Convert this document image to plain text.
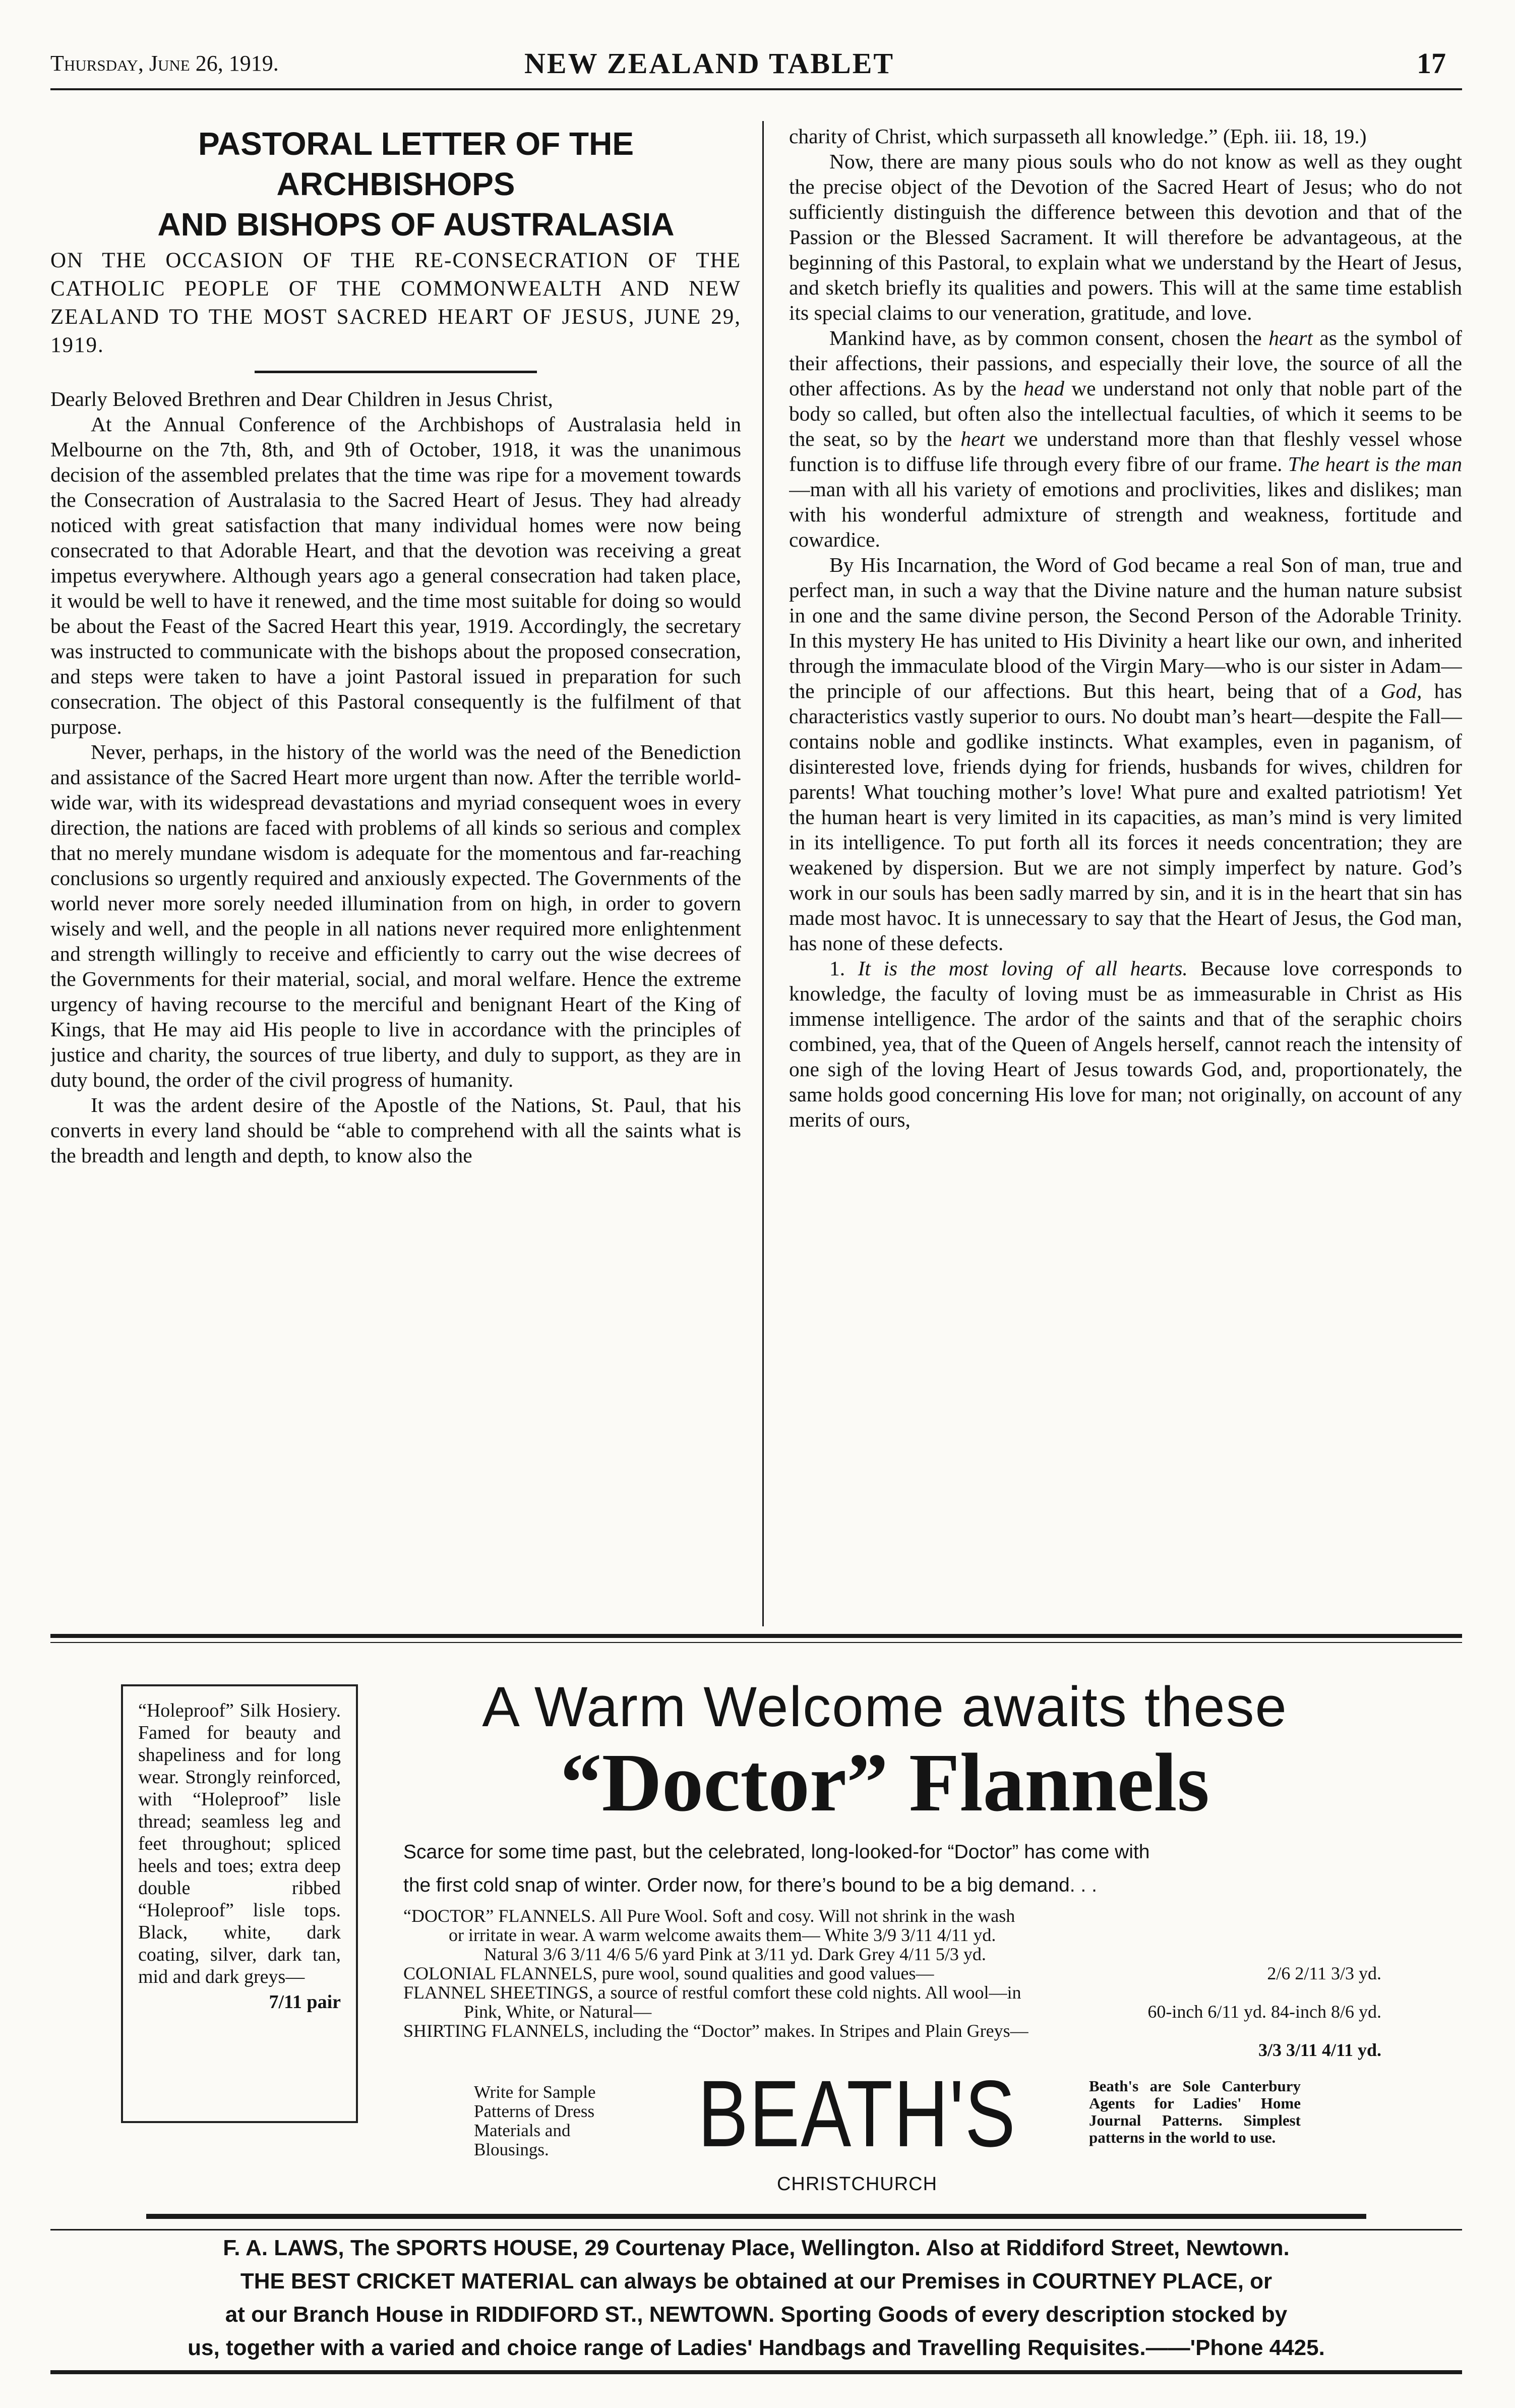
Thursday, June 26, 1919.	NEW ZEALAND TABLET	17

PASTORAL LETTER OF THE ARCHBISHOPS

AND BISHOPS OF AUSTRALASIA

ON THE OCCASION OF THE RE-CONSECRATION OF THE CATHOLIC PEOPLE OF THE COMMONWEALTH AND NEW ZEALAND TO THE MOST SACRED HEART OF JESUS, JUNE 29, 1919.

Dearly Beloved Brethren and Dear Children in Jesus Christ,

At the Annual Conference of the Archbishops of Australasia held in Melbourne on the 7th, 8th, and 9th of October, 1918, it was the unanimous decision of the assembled prelates that the time was ripe for a movement towards the Consecration of Australasia to the Sacred Heart of Jesus. They had already noticed with great satisfaction that many individual homes were now being consecrated to that Adorable Heart, and that the devotion was receiving a great impetus everywhere. Although years ago a general consecration had taken place, it would be well to have it renewed, and the time most suitable for doing so would be about the Feast of the Sacred Heart this year, 1919. Accordingly, the secretary was instructed to communicate with the bishops about the proposed consecration, and steps were taken to have a joint Pastoral issued in preparation for such consecration. The object of this Pastoral consequently is the fulfilment of that purpose.

Never, perhaps, in the history of the world was the need of the Benediction and assistance of the Sacred Heart more urgent than now. After the terrible world-wide war, with its widespread devastations and myriad consequent woes in every direction, the nations are faced with problems of all kinds so serious and complex that no merely mundane wisdom is adequate for the momentous and far-reaching conclusions so urgently required and anxiously expected. The Governments of the world never more sorely needed illumination from on high, in order to govern wisely and well, and the people in all nations never required more enlightenment and strength willingly to receive and efficiently to carry out the wise decrees of the Governments for their material, social, and moral welfare. Hence the extreme urgency of having recourse to the merciful and benignant Heart of the King of Kings, that He may aid His people to live in accordance with the principles of justice and charity, the sources of true liberty, and duly to support, as they are in duty bound, the order of the civil progress of humanity.

It was the ardent desire of the Apostle of the Nations, St. Paul, that his converts in every land should be “able to comprehend with all the saints what is the breadth and length and depth, to know also the

charity of Christ, which surpasseth all knowledge.” (Eph. iii. 18, 19.)

Now, there are many pious souls who do not know as well as they ought the precise object of the Devotion of the Sacred Heart of Jesus; who do not sufficiently distinguish the difference between this devotion and that of the Passion or the Blessed Sacrament. It will therefore be advantageous, at the beginning of this Pastoral, to explain what we understand by the Heart of Jesus, and sketch briefly its qualities and powers. This will at the same time establish its special claims to our veneration, gratitude, and love.

Mankind have, as by common consent, chosen the heart as the symbol of their affections, their passions, and especially their love, the source of all the other affections. As by the head we understand not only that noble part of the body so called, but often also the intellectual faculties, of which it seems to be the seat, so by the heart we understand more than that fleshly vessel whose function is to diffuse life through every fibre of our frame. The heart is the man—man with all his variety of emotions and proclivities, likes and dislikes; man with his wonderful admixture of strength and weakness, fortitude and cowardice.

By His Incarnation, the Word of God became a real Son of man, true and perfect man, in such a way that the Divine nature and the human nature subsist in one and the same divine person, the Second Person of the Adorable Trinity. In this mystery He has united to His Divinity a heart like our own, and inherited through the immaculate blood of the Virgin Mary—who is our sister in Adam—the principle of our affections. But this heart, being that of a God, has characteristics vastly superior to ours. No doubt man’s heart—despite the Fall—contains noble and godlike instincts. What examples, even in paganism, of disinterested love, friends dying for friends, husbands for wives, children for parents! What touching mother’s love! What pure and exalted patriotism! Yet the human heart is very limited in its capacities, as man’s mind is very limited in its intelligence. To put forth all its forces it needs concentration; they are weakened by dispersion. But we are not simply imperfect by nature. God’s work in our souls has been sadly marred by sin, and it is in the heart that sin has made most havoc. It is unnecessary to say that the Heart of Jesus, the God man, has none of these defects.

1. It is the most loving of all hearts. Because love corresponds to knowledge, the faculty of loving must be as immeasurable in Christ as His immense intelligence. The ardor of the saints and that of the seraphic choirs combined, yea, that of the Queen of Angels herself, cannot reach the intensity of one sigh of the loving Heart of Jesus towards God, and, proportionately, the same holds good concerning His love for man; not originally, on account of any merits of ours,

“Holeproof” Silk Hosiery. Famed for beauty and shapeliness and for long wear. Strongly reinforced, with “Holeproof” lisle thread; seamless leg and feet throughout; spliced heels and toes; extra deep double ribbed “Holeproof” lisle tops. Black, white, dark coating, silver, dark tan, mid and dark greys—
7/11 pair
A Warm Welcome awaits these
“Doctor” Flannels
Scarce for some time past, but the celebrated, long-looked-for “Doctor” has come with
the first cold snap of winter. Order now, for there’s bound to be a big demand. . .
“DOCTOR” FLANNELS. All Pure Wool. Soft and cosy. Will not shrink in the wash
or irritate in wear. A warm welcome awaits them— White 3/9 3/11 4/11 yd.
Natural 3/6 3/11 4/6 5/6 yard Pink at 3/11 yd. Dark Grey 4/11 5/3 yd.
COLONIAL FLANNELS, pure wool, sound qualities and good values—	2/6 2/11 3/3 yd.
FLANNEL SHEETINGS, a source of restful comfort these cold nights. All wool—in
Pink, White, or Natural—	60-inch 6/11 yd. 84-inch 8/6 yd.
SHIRTING FLANNELS, including the “Doctor” makes. In Stripes and Plain Greys—
3/3 3/11 4/11 yd.
Write for Sample Patterns of Dress Materials and Blousings.	BEATH'S
CHRISTCHURCH
Beath's are Sole Canterbury Agents for Ladies' Home Journal Patterns. Simplest patterns in the world to use.
F. A. LAWS, The SPORTS HOUSE, 29 Courtenay Place, Wellington. Also at Riddiford Street, Newtown.
THE BEST CRICKET MATERIAL can always be obtained at our Premises in COURTNEY PLACE, or
at our Branch House in RIDDIFORD ST., NEWTOWN. Sporting Goods of every description stocked by
us, together with a varied and choice range of Ladies' Handbags and Travelling Requisites.——'Phone 4425.
